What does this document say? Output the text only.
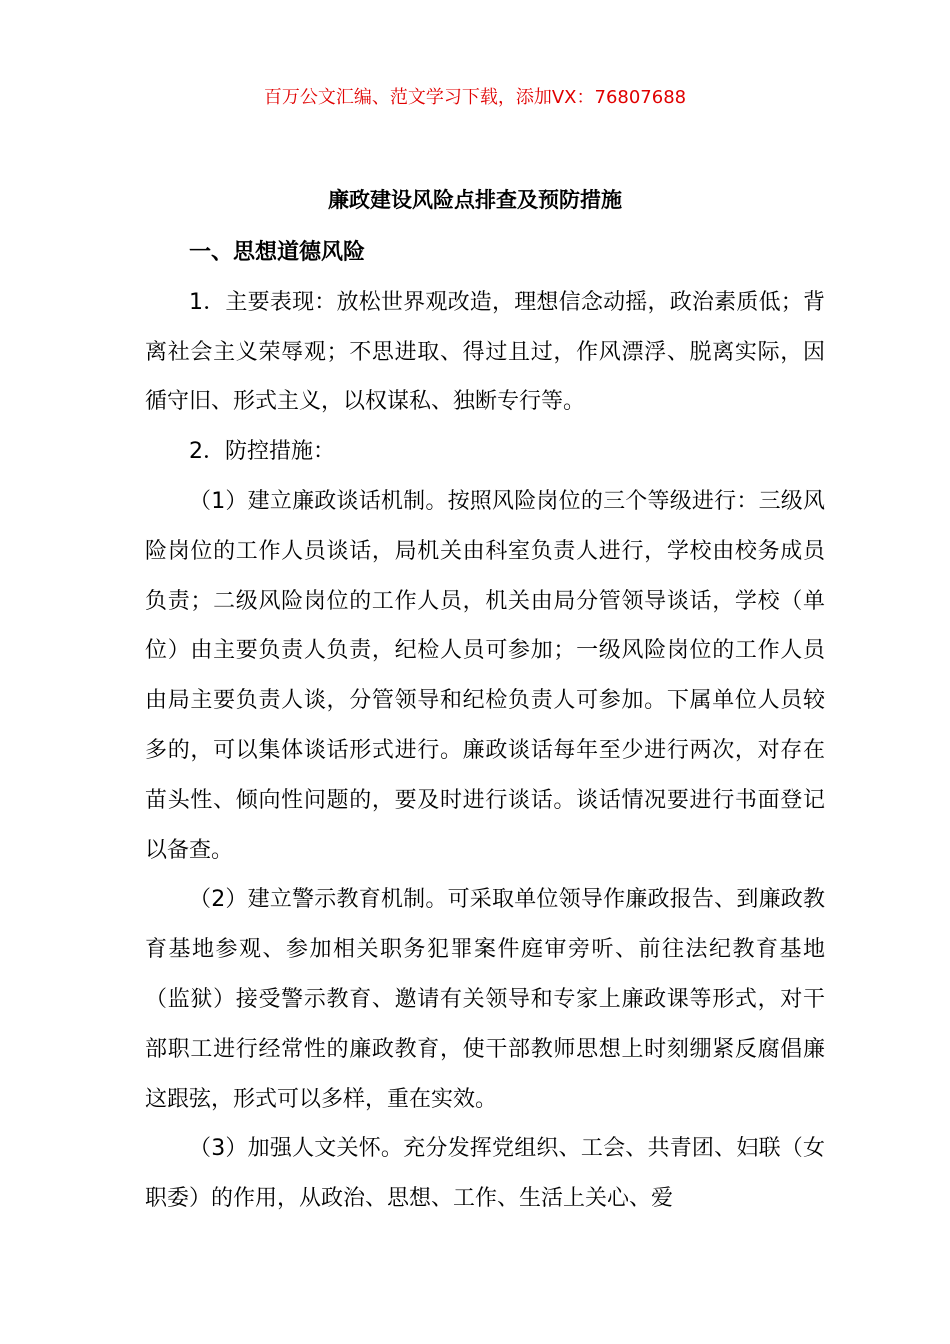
百万公文汇编、范文学习下载，添加VX：76807688
廉政建设风险点排查及预防措施

一、思想道德风险

1．主要表现：放松世界观改造，理想信念动摇，政治素质低；背离社会主义荣辱观；不思进取、得过且过，作风漂浮、脱离实际，因循守旧、形式主义，以权谋私、独断专行等。

2．防控措施：

（1）建立廉政谈话机制。按照风险岗位的三个等级进行：三级风险岗位的工作人员谈话，局机关由科室负责人进行，学校由校务成员负责；二级风险岗位的工作人员，机关由局分管领导谈话，学校（单位）由主要负责人负责，纪检人员可参加；一级风险岗位的工作人员由局主要负责人谈，分管领导和纪检负责人可参加。下属单位人员较多的，可以集体谈话形式进行。廉政谈话每年至少进行两次，对存在苗头性、倾向性问题的，要及时进行谈话。谈话情况要进行书面登记以备查。

（2）建立警示教育机制。可采取单位领导作廉政报告、到廉政教育基地参观、参加相关职务犯罪案件庭审旁听、前往法纪教育基地（监狱）接受警示教育、邀请有关领导和专家上廉政课等形式，对干部职工进行经常性的廉政教育，使干部教师思想上时刻绷紧反腐倡廉这跟弦，形式可以多样，重在实效。

（3）加强人文关怀。充分发挥党组织、工会、共青团、妇联（女职委）的作用，从政治、思想、工作、生活上关心、爱
